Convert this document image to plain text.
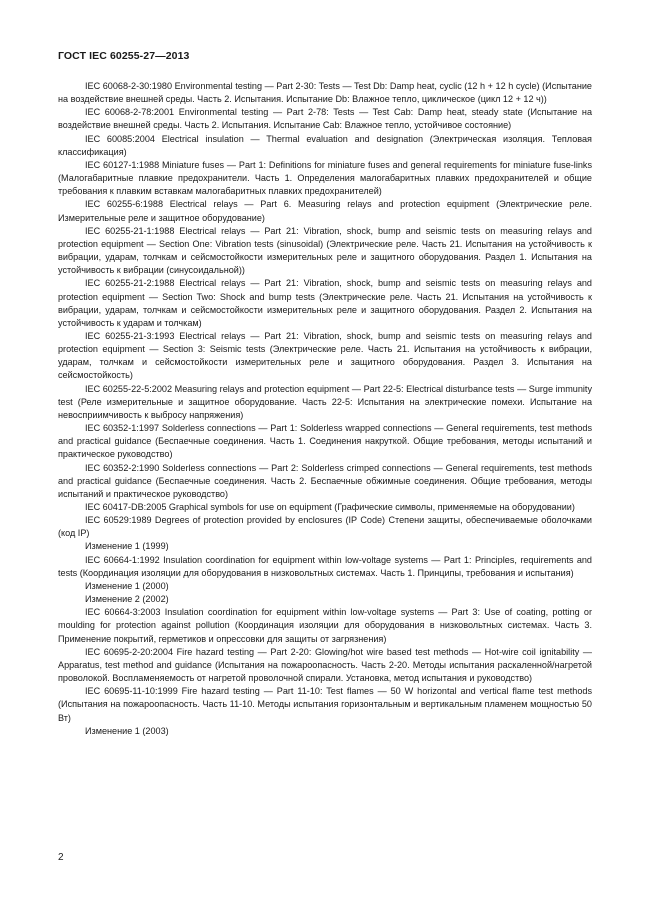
ГОСТ IEC 60255-27—2013

IEC 60068-2-30:1980 Environmental testing — Part 2-30: Tests — Test Db: Damp heat, cyclic (12 h + 12 h cycle) (Испытание на воздействие внешней среды. Часть 2. Испытания. Испытание Db: Влажное тепло, циклическое (цикл 12 + 12 ч))

IEC 60068-2-78:2001 Environmental testing — Part 2-78: Tests — Test Cab: Damp heat, steady state (Испытание на воздействие внешней среды. Часть 2. Испытания. Испытание Cab: Влажное тепло, устойчивое состояние)

IEC 60085:2004 Electrical insulation — Thermal evaluation and designation (Электрическая изоляция. Тепловая классификация)

IEC 60127-1:1988 Miniature fuses — Part 1: Definitions for miniature fuses and general requirements for miniature fuse-links (Малогабаритные плавкие предохранители. Часть 1. Определения малогабаритных плавких предохранителей и общие требования к плавким вставкам малогабаритных плавких предохранителей)

IEC 60255-6:1988 Electrical relays — Part 6. Measuring relays and protection equipment (Электрические реле. Измерительные реле и защитное оборудование)

IEC 60255-21-1:1988 Electrical relays — Part 21: Vibration, shock, bump and seismic tests on measuring relays and protection equipment — Section One: Vibration tests (sinusoidal) (Электрические реле. Часть 21. Испытания на устойчивость к вибрации, ударам, толчкам и сейсмостойкости измерительных реле и защитного оборудования. Раздел 1. Испытания на устойчивость к вибрации (синусоидальной))

IEC 60255-21-2:1988 Electrical relays — Part 21: Vibration, shock, bump and seismic tests on measuring relays and protection equipment — Section Two: Shock and bump tests (Электрические реле. Часть 21. Испытания на устойчивость к вибрации, ударам, толчкам и сейсмостойкости измерительных реле и защитного оборудования. Раздел 2. Испытания на устойчивость к ударам и толчкам)

IEC 60255-21-3:1993 Electrical relays — Part 21: Vibration, shock, bump and seismic tests on measuring relays and protection equipment — Section 3: Seismic tests (Электрические реле. Часть 21. Испытания на устойчивость к вибрации, ударам, толчкам и сейсмостойкости измерительных реле и защитного оборудования. Раздел 3. Испытания на сейсмостойкость)

IEC 60255-22-5:2002 Measuring relays and protection equipment — Part 22-5: Electrical disturbance tests — Surge immunity test (Реле измерительные и защитное оборудование. Часть 22-5: Испытания на электрические помехи. Испытание на невосприимчивость к выбросу напряжения)

IEC 60352-1:1997 Solderless connections — Part 1: Solderless wrapped connections — General requirements, test methods and practical guidance (Беспаечные соединения. Часть 1. Соединения накруткой. Общие требования, методы испытаний и практическое руководство)

IEC 60352-2:1990 Solderless connections — Part 2: Solderless crimped connections — General requirements, test methods and practical guidance (Беспаечные соединения. Часть 2. Беспаечные обжимные соединения. Общие требования, методы испытаний и практическое руководство)

IEC 60417-DB:2005 Graphical symbols for use on equipment (Графические символы, применяемые на оборудовании)

IEC 60529:1989 Degrees of protection provided by enclosures (IP Code) Степени защиты, обеспечиваемые оболочками (код IP)

Изменение 1 (1999)

IEC 60664-1:1992 Insulation coordination for equipment within low-voltage systems — Part 1: Principles, requirements and tests (Координация изоляции для оборудования в низковольтных системах. Часть 1. Принципы, требования и испытания)

Изменение 1 (2000)

Изменение 2 (2002)

IEC 60664-3:2003 Insulation coordination for equipment within low-voltage systems — Part 3: Use of coating, potting or moulding for protection against pollution (Координация изоляции для оборудования в низковольтных системах. Часть 3. Применение покрытий, герметиков и опрессовки для защиты от загрязнения)

IEC 60695-2-20:2004 Fire hazard testing — Part 2-20: Glowing/hot wire based test methods — Hot-wire coil ignitability — Apparatus, test method and guidance (Испытания на пожароопасность. Часть 2-20. Методы испытания раскаленной/нагретой проволокой. Воспламеняемость от нагретой проволочной спирали. Установка, метод испытания и руководство)

IEC 60695-11-10:1999 Fire hazard testing — Part 11-10: Test flames — 50 W horizontal and vertical flame test methods (Испытания на пожароопасность. Часть 11-10. Методы испытания горизонтальным и вертикальным пламенем мощностью 50 Вт)

Изменение 1 (2003)

2
